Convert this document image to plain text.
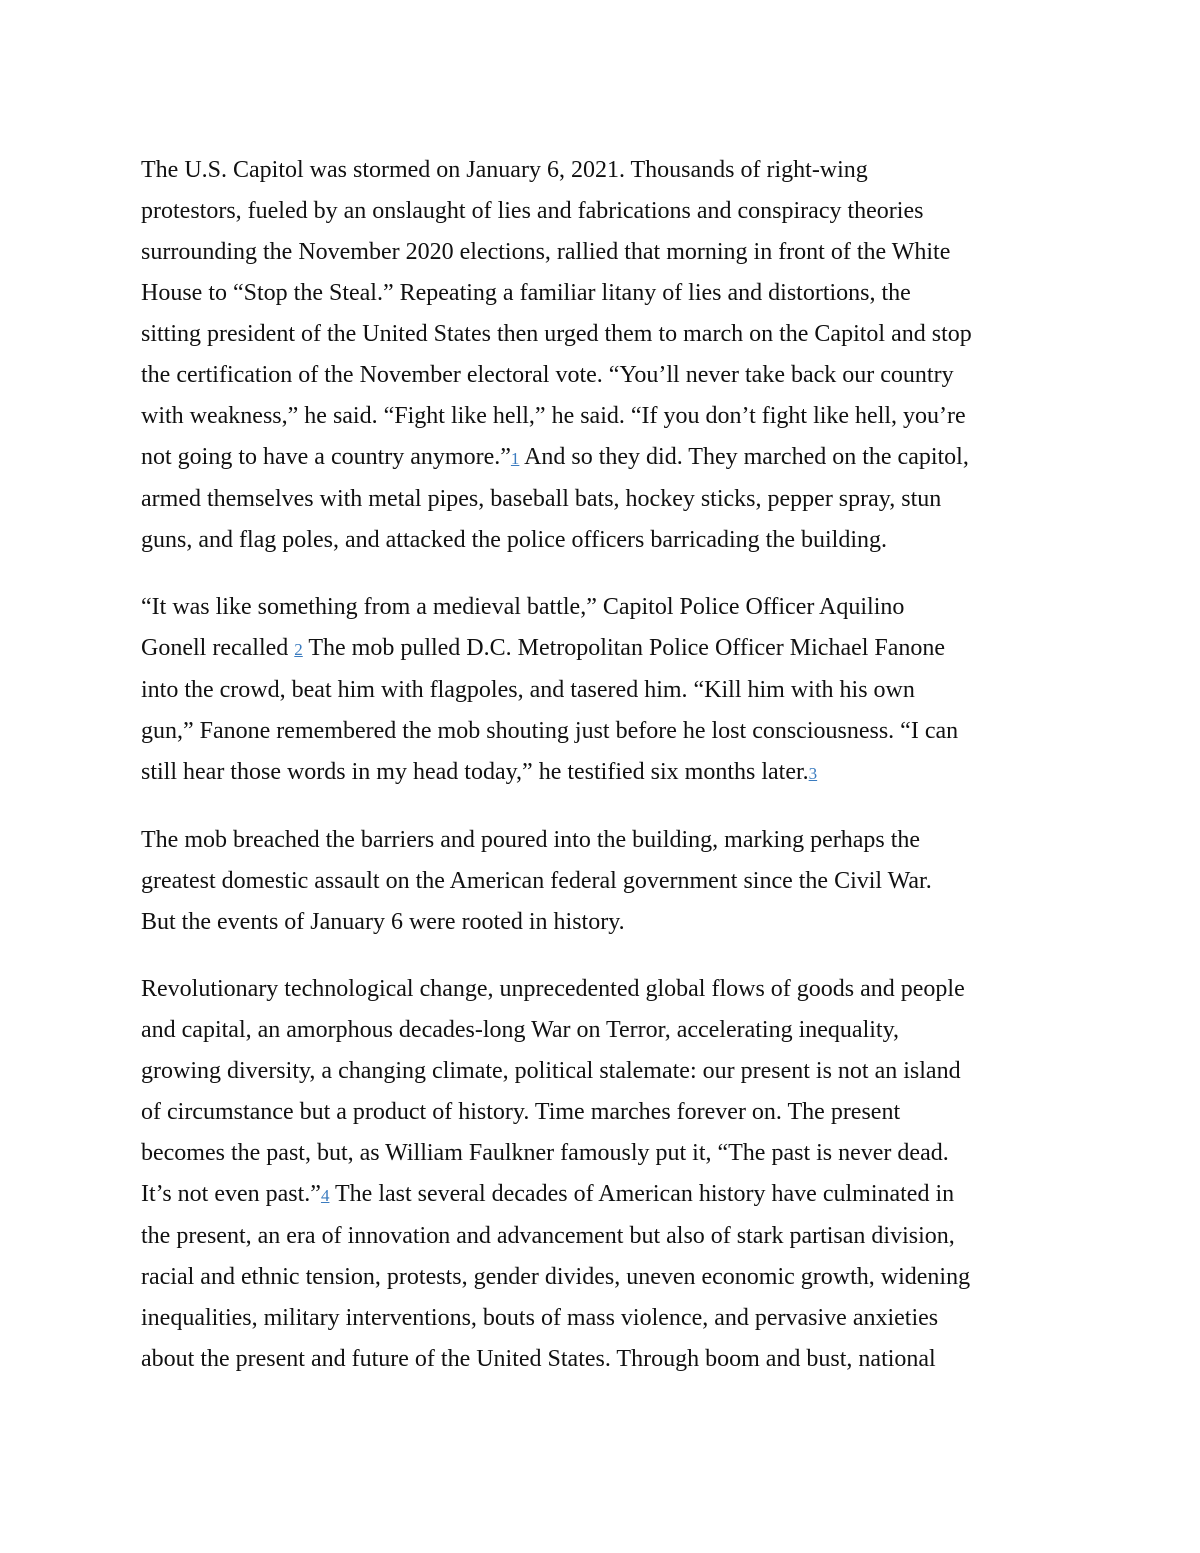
The U.S. Capitol was stormed on January 6, 2021. Thousands of right-wing
protestors, fueled by an onslaught of lies and fabrications and conspiracy theories
surrounding the November 2020 elections, rallied that morning in front of the White
House to “Stop the Steal.” Repeating a familiar litany of lies and distortions, the
sitting president of the United States then urged them to march on the Capitol and stop
the certification of the November electoral vote. “You’ll never take back our country
with weakness,” he said. “Fight like hell,” he said. “If you don’t fight like hell, you’re
not going to have a country anymore.”1 And so they did. They marched on the capitol,
armed themselves with metal pipes, baseball bats, hockey sticks, pepper spray, stun
guns, and flag poles, and attacked the police officers barricading the building.

“It was like something from a medieval battle,” Capitol Police Officer Aquilino
Gonell recalled 2 The mob pulled D.C. Metropolitan Police Officer Michael Fanone
into the crowd, beat him with flagpoles, and tasered him. “Kill him with his own
gun,” Fanone remembered the mob shouting just before he lost consciousness. “I can
still hear those words in my head today,” he testified six months later.3

The mob breached the barriers and poured into the building, marking perhaps the
greatest domestic assault on the American federal government since the Civil War.
But the events of January 6 were rooted in history.

Revolutionary technological change, unprecedented global flows of goods and people
and capital, an amorphous decades-long War on Terror, accelerating inequality,
growing diversity, a changing climate, political stalemate: our present is not an island
of circumstance but a product of history. Time marches forever on. The present
becomes the past, but, as William Faulkner famously put it, “The past is never dead.
It’s not even past.”4 The last several decades of American history have culminated in
the present, an era of innovation and advancement but also of stark partisan division,
racial and ethnic tension, protests, gender divides, uneven economic growth, widening
inequalities, military interventions, bouts of mass violence, and pervasive anxieties
about the present and future of the United States. Through boom and bust, national
